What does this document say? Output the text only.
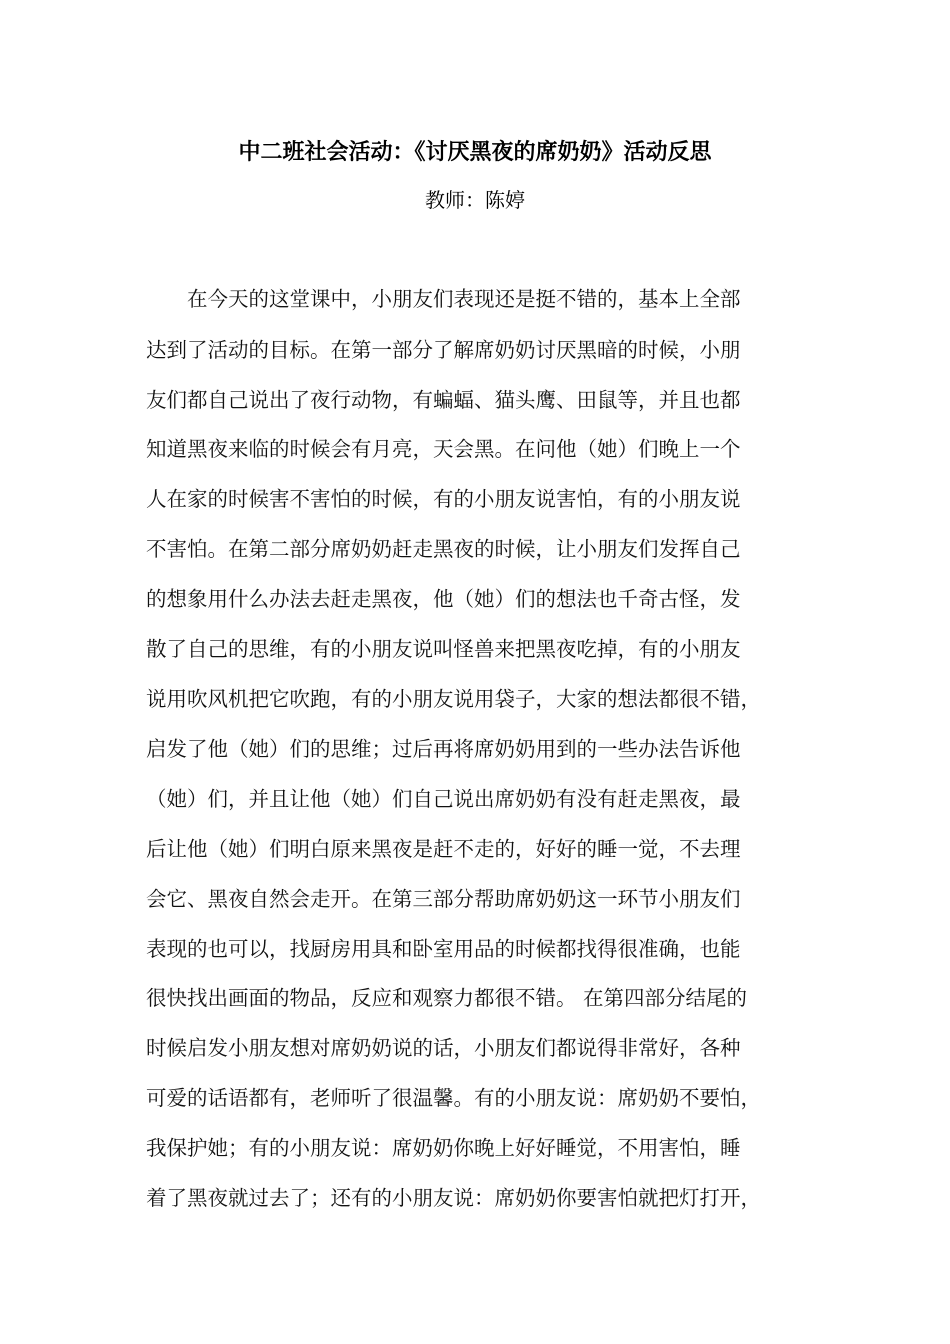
中二班社会活动：《讨厌黑夜的席奶奶》活动反思

教师：陈婷

　　在今天的这堂课中，小朋友们表现还是挺不错的，基本上全部

达到了活动的目标。在第一部分了解席奶奶讨厌黑暗的时候，小朋

友们都自己说出了夜行动物，有蝙蝠、猫头鹰、田鼠等，并且也都

知道黑夜来临的时候会有月亮，天会黑。在问他（她）们晚上一个

人在家的时候害不害怕的时候，有的小朋友说害怕，有的小朋友说

不害怕。在第二部分席奶奶赶走黑夜的时候，让小朋友们发挥自己

的想象用什么办法去赶走黑夜，他（她）们的想法也千奇古怪，发

散了自己的思维，有的小朋友说叫怪兽来把黑夜吃掉，有的小朋友

说用吹风机把它吹跑，有的小朋友说用袋子，大家的想法都很不错，

启发了他（她）们的思维；过后再将席奶奶用到的一些办法告诉他

（她）们，并且让他（她）们自己说出席奶奶有没有赶走黑夜，最

后让他（她）们明白原来黑夜是赶不走的，好好的睡一觉，不去理

会它、黑夜自然会走开。在第三部分帮助席奶奶这一环节小朋友们

表现的也可以，找厨房用具和卧室用品的时候都找得很准确，也能

很快找出画面的物品，反应和观察力都很不错。 在第四部分结尾的

时候启发小朋友想对席奶奶说的话，小朋友们都说得非常好，各种

可爱的话语都有，老师听了很温馨。有的小朋友说：席奶奶不要怕，

我保护她；有的小朋友说：席奶奶你晚上好好睡觉，不用害怕，睡

着了黑夜就过去了；还有的小朋友说：席奶奶你要害怕就把灯打开，
